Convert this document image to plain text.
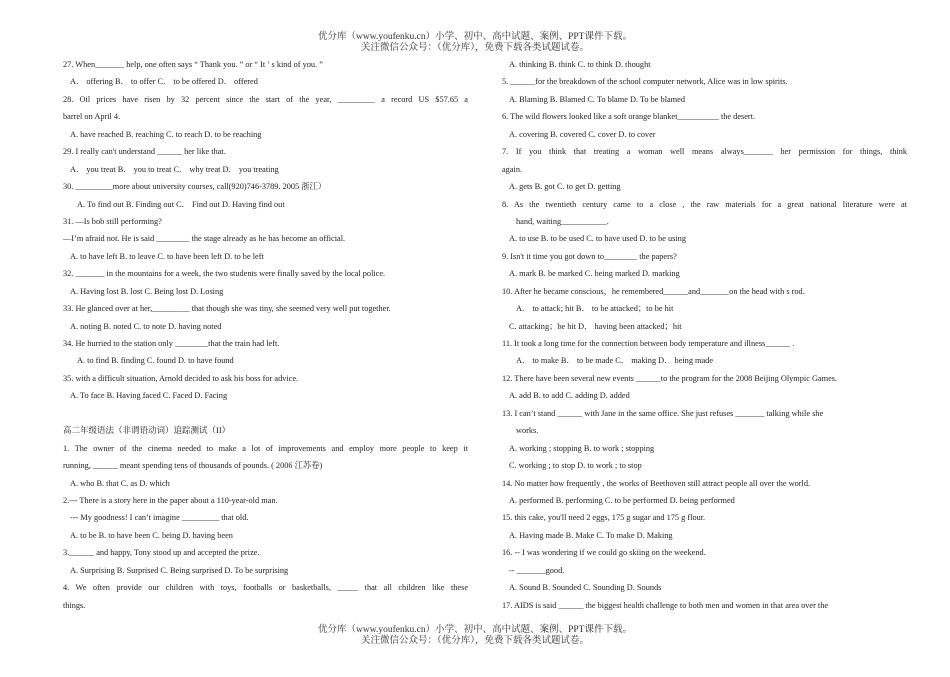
优分库（www.youfenku.cn）小学、初中、高中试题、案例、PPT课件下载。
关注微信公众号：（优分库），免费下载各类试题试卷。
27. When_______ help, one often says “ Thank you. ” or “ It ’ s kind of you. ”
A． offering B． to offer C． to be offered D． offered
28. Oil prices have risen by 32 percent since the start of the year, _________ a record US $57.65 a
barrel on April 4.
A. have reached B. reaching C. to reach D. to be reaching
29. I really can't understand ______ her like that.
A． you treat B． you to treat C． why treat D． you treating
30. _________more about university courses, call(920)746-3789. 2005 浙江）
A. To find out B. Finding out C． Find out D. Having find out
31. —Is bob still performing?
—I’m afraid not. He is said ________ the stage already as he has become an official.
A. to have left B. to leave C. to have been left D. to be left
32. _______ in the mountains for a week, the two students were finally saved by the local police.
A. Having lost B. lost C. Being lost D. Losing
33. He glanced over at her,_________ that though she was tiny, she seemed very well put together.
A. noting B. noted C. to note D. having noted
34. He hurried to the station only ________that the train had left.
A. to find B. finding C. found D. to have found
35. with a difficult situation, Arnold decided to ask his boss for advice.
A. To face B. Having faced C. Faced D. Facing
高二年级语法（非谓语动词）追踪测试（II）
1. The owner of the cinema needed to make a lot of improvements and employ more people to keep it
running, ______ meant spending tens of thousands of pounds. ( 2006 江苏卷)
A. who B. that C. as D. which
2.--- There is a story here in the paper about a 110-year-old man.
--- My goodness! I can’t imagine _________ that old.
A. to be B. to have been C. being D. having been
3.______ and happy, Tony stood up and accepted the prize.
A. Surprising B. Surprised C. Being surprised D. To be surprising
4. We often provide our children with toys, footballs or basketballs, _____ that all children like these
things.
A. thinking B. think C. to think D. thought
5. ______for the breakdown of the school computer network, Alice was in low spirits.
A. Blaming B. Blamed C. To blame D. To be blamed
6. The wild flowers looked like a soft orange blanket__________ the desert.
A. covering B. covered C. cover D. to cover
7. If you think that treating a woman well means always_______ her permission for things, think
again.
A. gets B. got C. to get D. getting
8. As the twentieth century came to a close , the raw materials for a great national literature were at
hand, waiting___________.
A. to use B. to be used C. to have used D. to be using
9. Isn't it time you got down to________ the papers?
A. mark B. be marked C. being marked D. marking
10. After he became conscious，he remembered______and_______on the head with s rod．
A． to attack; hit B． to be attacked；to be hit
C. attacking；be hit D． having been attacked；hit
11. It took a long time for the connection between body temperature and illness______ .
A． to make B． to be made C． making D． being made
12. There have been several new events ______to the program for the 2008 Beijing Olympic Games.
A. add B. to add C. adding D. added
13. I can’t stand ______ with Jane in the same office. She just refuses _______ talking while she
works.
A. working ; stopping B. to work ; stopping
C. working ; to stop D. to work ; to stop
14. No matter how frequently , the works of Beethoven still attract people all over the world.
A. performed B. performing C. to be performed D. being performed
15. this cake, you'll need 2 eggs, 175 g sugar and 175 g flour.
A. Having made B. Make C. To make D. Making
16. -- I was wondering if we could go skiing on the weekend.
-- _______good.
A. Sound B. Sounded C. Sounding D. Sounds
17. AIDS is said ______ the biggest health challenge to both men and women in that area over the
优分库（www.youfenku.cn）小学、初中、高中试题、案例、PPT课件下载。
关注微信公众号：（优分库），免费下载各类试题试卷。
